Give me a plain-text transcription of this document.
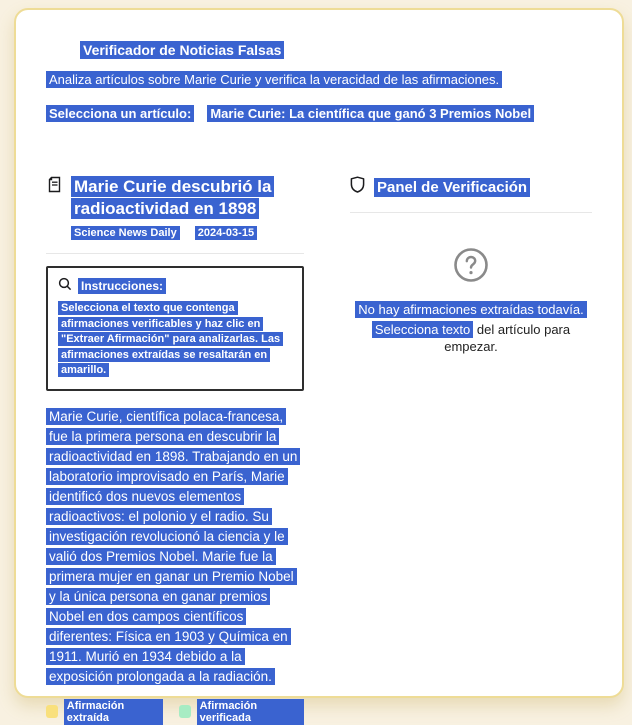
Verificador de Noticias Falsas

Analiza artículos sobre Marie Curie y verifica la veracidad de las afirmaciones.

Selecciona un artículo: Marie Curie: La científica que ganó 3 Premios Nobel
Marie Curie descubrió la radioactividad en 1898
Science News Daily 2024-03-15
Instrucciones:

Selecciona el texto que contenga afirmaciones verificables y haz clic en "Extraer Afirmación" para analizarlas. Las afirmaciones extraídas se resaltarán en amarillo.

Marie Curie, científica polaca-francesa, fue la primera persona en descubrir la radioactividad en 1898. Trabajando en un laboratorio improvisado en París, Marie identificó dos nuevos elementos radioactivos: el polonio y el radio. Su investigación revolucionó la ciencia y le valió dos Premios Nobel. Marie fue la primera mujer en ganar un Premio Nobel y la única persona en ganar premios Nobel en dos campos científicos diferentes: Física en 1903 y Química en 1911. Murió en 1934 debido a la exposición prolongada a la radiación.

Afirmación extraída
Afirmación verificada
Panel de Verificación

No hay afirmaciones extraídas todavía.

Selecciona texto del artículo para empezar.
